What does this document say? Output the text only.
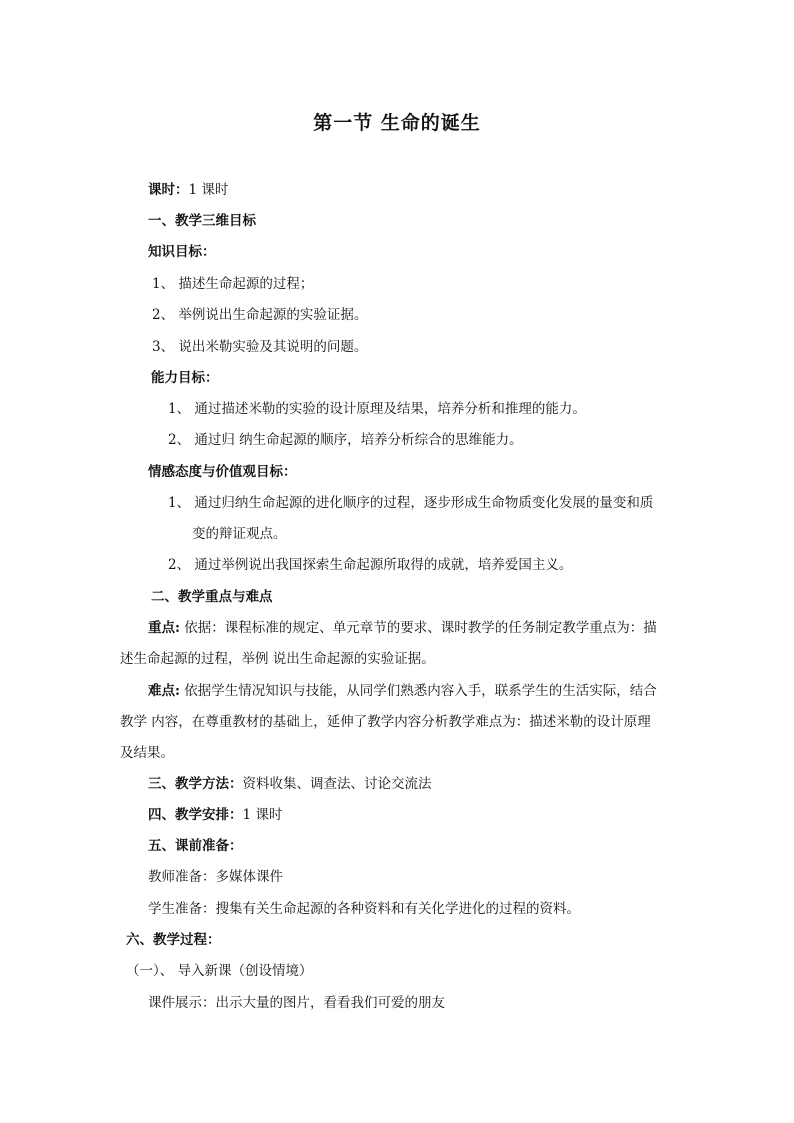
第一节 生命的诞生
课时：1 课时
一、教学三维目标
知识目标：
1、 描述生命起源的过程；
2、 举例说出生命起源的实验证据。
3、 说出米勒实验及其说明的问题。
能力目标：
1、 通过描述米勒的实验的设计原理及结果，培养分析和推理的能力。
2、 通过归 纳生命起源的顺序，培养分析综合的思维能力。
情感态度与价值观目标：
1、 通过归纳生命起源的进化顺序的过程，逐步形成生命物质变化发展的量变和质
变的辩证观点。
2、 通过举例说出我国探索生命起源所取得的成就，培养爱国主义。
二、教学重点与难点
重点: 依据：课程标准的规定、单元章节的要求、课时教学的任务制定教学重点为：描
述生命起源的过程，举例 说出生命起源的实验证据。
难点: 依据学生情况知识与技能，从同学们熟悉内容入手，联系学生的生活实际，结合
教学 内容，在尊重教材的基础上，延伸了教学内容分析教学难点为：描述米勒的设计原理
及结果。
三、教学方法：资料收集、调查法、讨论交流法
四、教学安排：1 课时
五、课前准备：
教师准备：多媒体课件
学生准备：搜集有关生命起源的各种资料和有关化学进化的过程的资料。
六、教学过程：
（一）、 导入新课（创设情境）
课件展示：出示大量的图片，看看我们可爱的朋友
